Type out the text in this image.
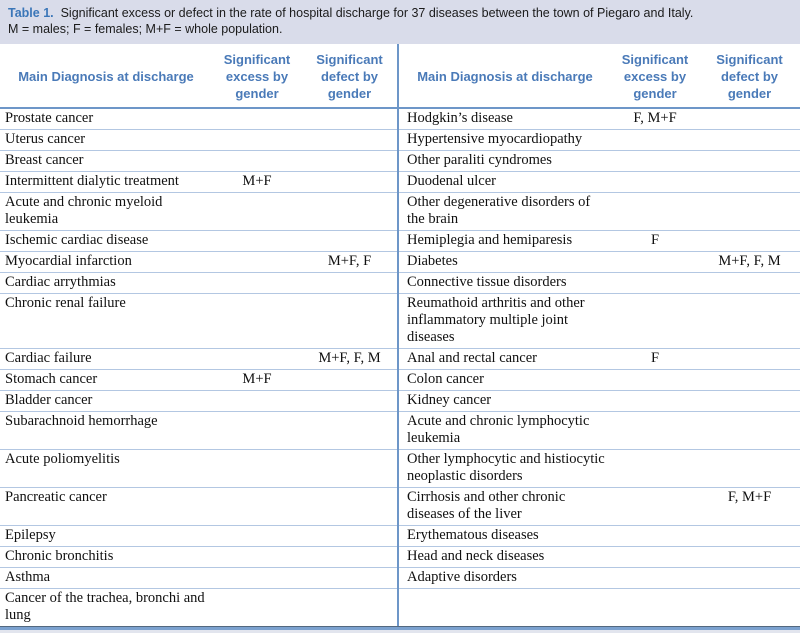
Table 1. Significant excess or defect in the rate of hospital discharge for 37 diseases between the town of Piegaro and Italy.
M = males; F = females; M+F = whole population.
Main Diagnosis at discharge	Significant excess by gender	Significant defect by gender	Main Diagnosis at discharge	Significant excess by gender	Significant defect by gender
Prostate cancer			Hodgkin’s disease	F, M+F	
Uterus cancer			Hypertensive myocardiopathy		
Breast cancer			Other paraliti cyndromes		
Intermittent dialytic treatment	M+F		Duodenal ulcer		
Acute and chronic myeloid leukemia			Other degenerative disorders of the brain		
Ischemic cardiac disease			Hemiplegia and hemiparesis	F	
Myocardial infarction		M+F, F	Diabetes		M+F, F, M
Cardiac arrythmias			Connective tissue disorders		
Chronic renal failure			Reumathoid arthritis and other inflammatory multiple joint diseases		
Cardiac failure		M+F, F, M	Anal and rectal cancer	F	
Stomach cancer	M+F		Colon cancer		
Bladder cancer			Kidney cancer		
Subarachnoid hemorrhage			Acute and chronic lymphocytic leukemia		
Acute poliomyelitis			Other lymphocytic and histiocytic neoplastic disorders		
Pancreatic cancer			Cirrhosis and other chronic diseases of the liver		F, M+F
Epilepsy			Erythematous diseases		
Chronic bronchitis			Head and neck diseases		
Asthma			Adaptive disorders		
Cancer of the trachea, bronchi and lung					
